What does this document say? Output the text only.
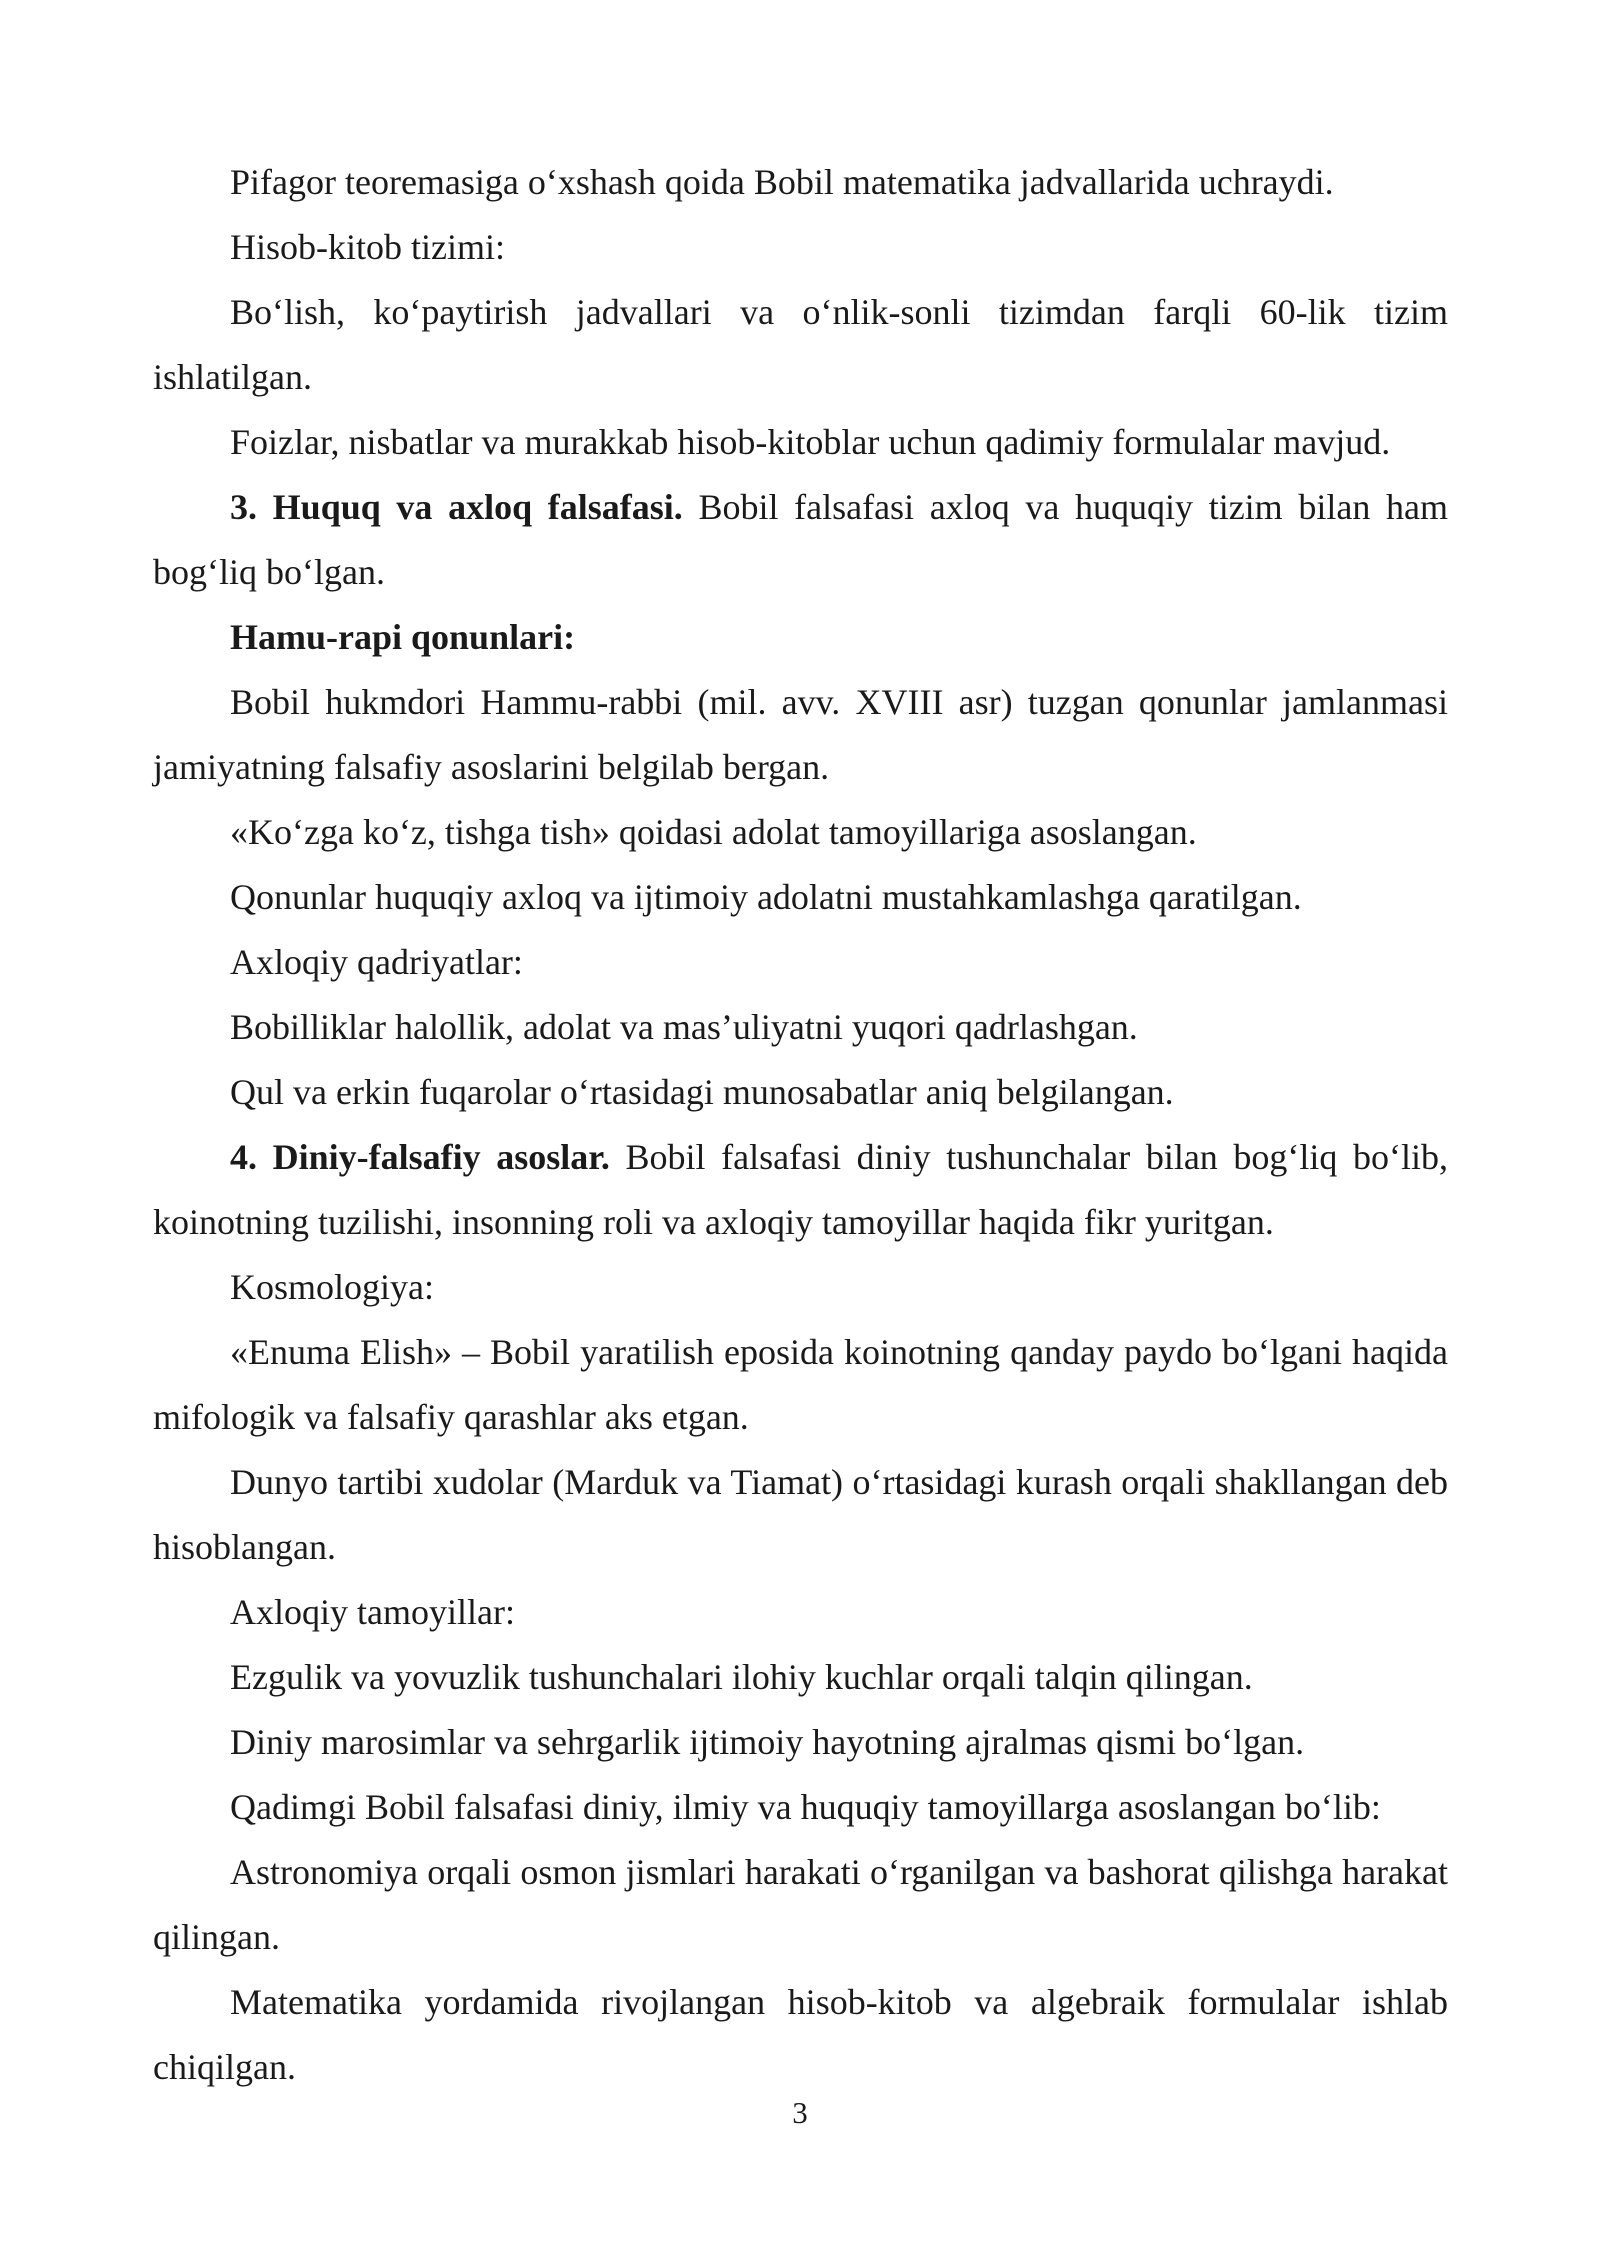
Pifagor teoremasiga o‘xshash qoida Bobil matematika jadvallarida uchraydi.

Hisob-kitob tizimi:

Bo‘lish, ko‘paytirish jadvallari va o‘nlik-sonli tizimdan farqli 60-lik tizim ishlatilgan.

Foizlar, nisbatlar va murakkab hisob-kitoblar uchun qadimiy formulalar mavjud.

3. Huquq va axloq falsafasi. Bobil falsafasi axloq va huquqiy tizim bilan ham bog‘liq bo‘lgan.

Hamu-rapi qonunlari:

Bobil hukmdori Hammu-rabbi (mil. avv. XVIII asr) tuzgan qonunlar jamlanmasi jamiyatning falsafiy asoslarini belgilab bergan.

«Ko‘zga ko‘z, tishga tish» qoidasi adolat tamoyillariga asoslangan.

Qonunlar huquqiy axloq va ijtimoiy adolatni mustahkamlashga qaratilgan.

Axloqiy qadriyatlar:

Bobilliklar halollik, adolat va mas’uliyatni yuqori qadrlashgan.

Qul va erkin fuqarolar o‘rtasidagi munosabatlar aniq belgilangan.

4. Diniy-falsafiy asoslar. Bobil falsafasi diniy tushunchalar bilan bog‘liq bo‘lib, koinotning tuzilishi, insonning roli va axloqiy tamoyillar haqida fikr yuritgan.

Kosmologiya:

«Enuma Elish» – Bobil yaratilish eposida koinotning qanday paydo bo‘lgani haqida mifologik va falsafiy qarashlar aks etgan.

Dunyo tartibi xudolar (Marduk va Tiamat) o‘rtasidagi kurash orqali shakllangan deb hisoblangan.

Axloqiy tamoyillar:

Ezgulik va yovuzlik tushunchalari ilohiy kuchlar orqali talqin qilingan.

Diniy marosimlar va sehrgarlik ijtimoiy hayotning ajralmas qismi bo‘lgan.

Qadimgi Bobil falsafasi diniy, ilmiy va huquqiy tamoyillarga asoslangan bo‘lib:

Astronomiya orqali osmon jismlari harakati o‘rganilgan va bashorat qilishga harakat qilingan.

Matematika yordamida rivojlangan hisob-kitob va algebraik formulalar ishlab chiqilgan.

3
